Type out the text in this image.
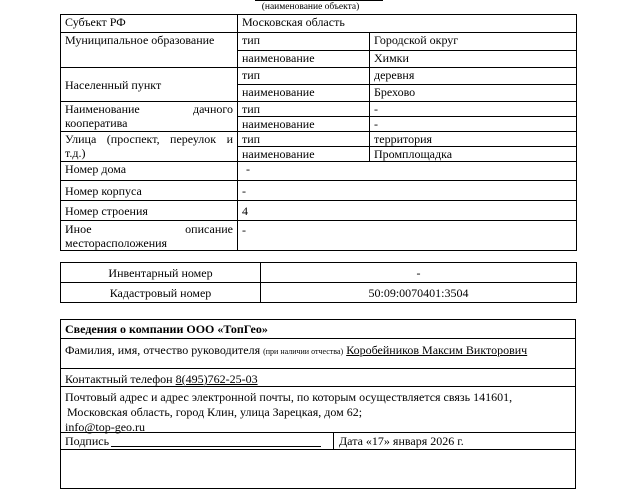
(наименование объекта)
Субъект РФ	Московская область	
Муниципальное образование	тип	Городской округ
	наименование	Химки
Населенный пункт	тип	деревня
	наименование	Брехово
Наименование дачного кооператива	тип	-
	наименование	-
Улица (проспект, переулок и т.д.)	тип	территория
	наименование	Промплощадка
Номер дома	-	
Номер корпуса	-	
Номер строения	4	
Иное описание месторасположения	-	
Инвентарный номер	-
Кадастровый номер	50:09:0070401:3504
Сведения о компании ООО «ТопГео»
Фамилия, имя, отчество руководителя (при наличии отчества) Коробейников Максим Викторович
Контактный телефон 8(495)762-25-03
Почтовый адрес и адрес электронной почты, по которым осуществляется связь 141601,
Московская область, город Клин, улица Зарецкая, дом 62;
info@top-geo.ru
Подпись	Дата «17» января 2026 г.
